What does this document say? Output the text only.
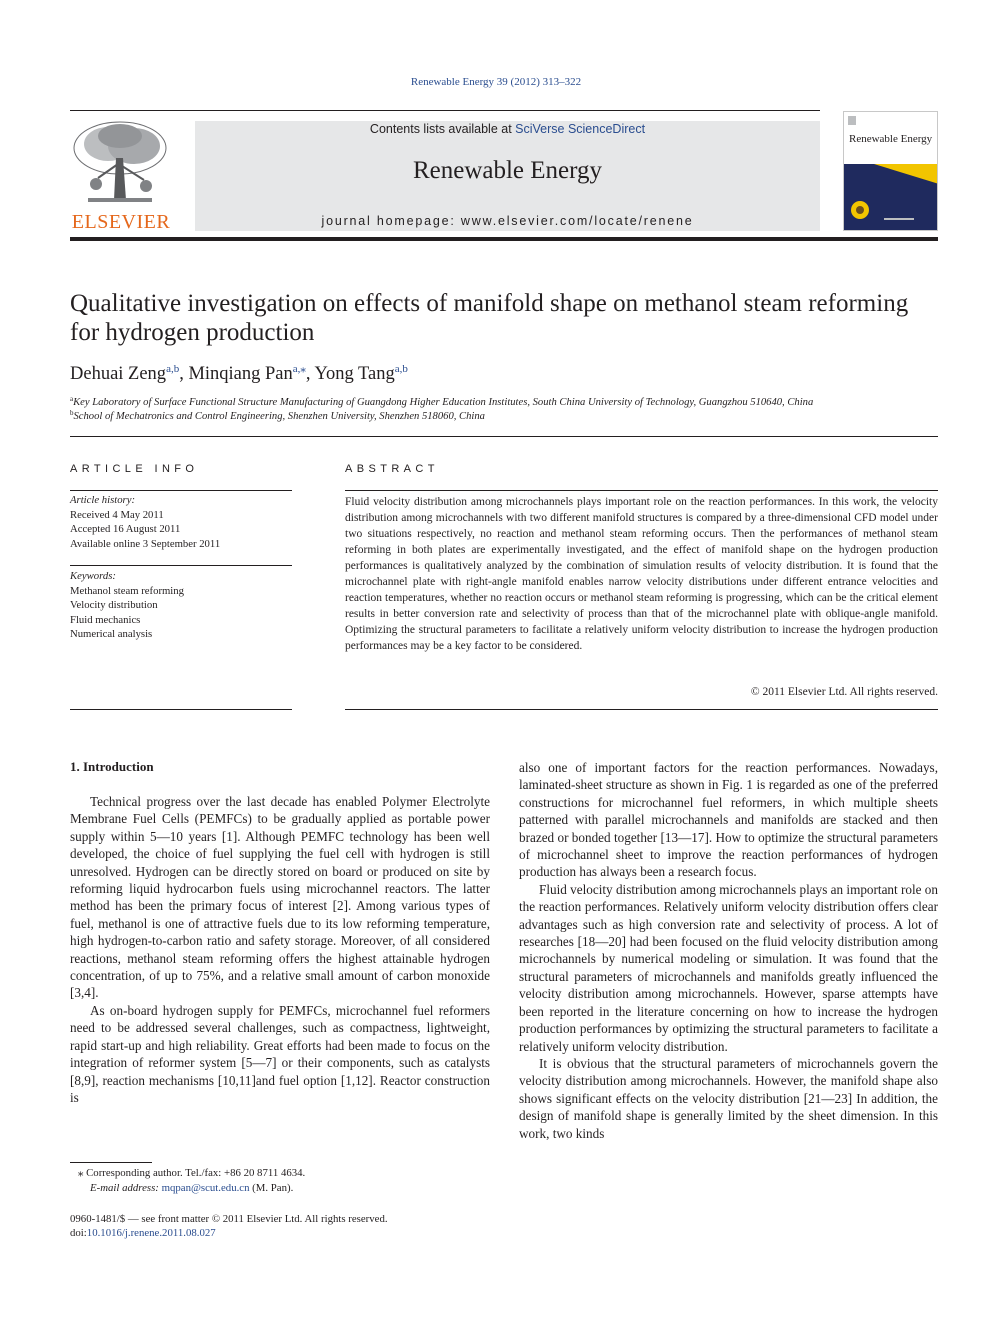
Renewable Energy 39 (2012) 313–322
ELSEVIER
Contents lists available at SciVerse ScienceDirect
Renewable Energy
journal homepage: www.elsevier.com/locate/renene
Renewable Energy
Qualitative investigation on effects of manifold shape on methanol steam reforming for hydrogen production
Dehuai Zeng$^{a,b}$, Minqiang Pan$^{a,⁎}$, Yong Tang$^{a,b}$
$^a$Key Laboratory of Surface Functional Structure Manufacturing of Guangdong Higher Education Institutes, South China University of Technology, Guangzhou 510640, China
$^b$School of Mechatronics and Control Engineering, Shenzhen University, Shenzhen 518060, China
ARTICLE INFO
Article history:
Received 4 May 2011
Accepted 16 August 2011
Available online 3 September 2011
Keywords:
Methanol steam reforming
Velocity distribution
Fluid mechanics
Numerical analysis
ABSTRACT
Fluid velocity distribution among microchannels plays important role on the reaction performances. In this work, the velocity distribution among microchannels with two different manifold structures is compared by a three-dimensional CFD model under two situations respectively, no reaction and methanol steam reforming occurs. Then the performances of methanol steam reforming in both plates are experimentally investigated, and the effect of manifold shape on the hydrogen production performances is qualitatively analyzed by the combination of simulation results of velocity distribution. It is found that the microchannel plate with right-angle manifold enables narrow velocity distributions under different entrance velocities and reaction temperatures, whether no reaction occurs or methanol steam reforming is progressing, which can be the critical element results in better conversion rate and selectivity of process than that of the microchannel plate with oblique-angle manifold. Optimizing the structural parameters to facilitate a relatively uniform velocity distribution to increase the hydrogen production performances may be a key factor to be considered.
© 2011 Elsevier Ltd. All rights reserved.
1. Introduction

Technical progress over the last decade has enabled Polymer Electrolyte Membrane Fuel Cells (PEMFCs) to be gradually applied as portable power supply within 5—10 years [1]. Although PEMFC technology has been well developed, the choice of fuel supplying the fuel cell with hydrogen is still unresolved. Hydrogen can be directly stored on board or produced on site by reforming liquid hydrocarbon fuels using microchannel reactors. The latter method has been the primary focus of interest [2]. Among various types of fuel, methanol is one of attractive fuels due to its low reforming temperature, high hydrogen-to-carbon ratio and safety storage. Moreover, of all considered reactions, methanol steam reforming offers the highest attainable hydrogen concentration, of up to 75%, and a relative small amount of carbon monoxide [3,4].

As on-board hydrogen supply for PEMFCs, microchannel fuel reformers need to be addressed several challenges, such as compactness, lightweight, rapid start-up and high reliability. Great efforts had been made to focus on the integration of reformer system [5—7] or their components, such as catalysts [8,9], reaction mechanisms [10,11]and fuel option [1,12]. Reactor construction is

also one of important factors for the reaction performances. Nowadays, laminated-sheet structure as shown in Fig. 1 is regarded as one of the preferred constructions for microchannel fuel reformers, in which multiple sheets patterned with parallel microchannels and manifolds are stacked and then brazed or bonded together [13—17]. How to optimize the structural parameters of microchannel sheet to improve the reaction performances of hydrogen production has always been a research focus.

Fluid velocity distribution among microchannels plays an important role on the reaction performances. Relatively uniform velocity distribution offers clear advantages such as high conversion rate and selectivity of process. A lot of researches [18—20] had been focused on the fluid velocity distribution among microchannels by numerical modeling or simulation. It was found that the structural parameters of microchannels and manifolds greatly influenced the velocity distribution among microchannels. However, sparse attempts have been reported in the literature concerning on how to increase the hydrogen production performances by optimizing the structural parameters to facilitate a relatively uniform velocity distribution.

It is obvious that the structural parameters of microchannels govern the velocity distribution among microchannels. However, the manifold shape also shows significant effects on the velocity distribution [21—23] In addition, the design of manifold shape is generally limited by the sheet dimension. In this work, two kinds

⁎ Corresponding author. Tel./fax: +86 20 8711 4634.
E-mail address: mqpan@scut.edu.cn (M. Pan).
0960-1481/$ — see front matter © 2011 Elsevier Ltd. All rights reserved.
doi:10.1016/j.renene.2011.08.027
